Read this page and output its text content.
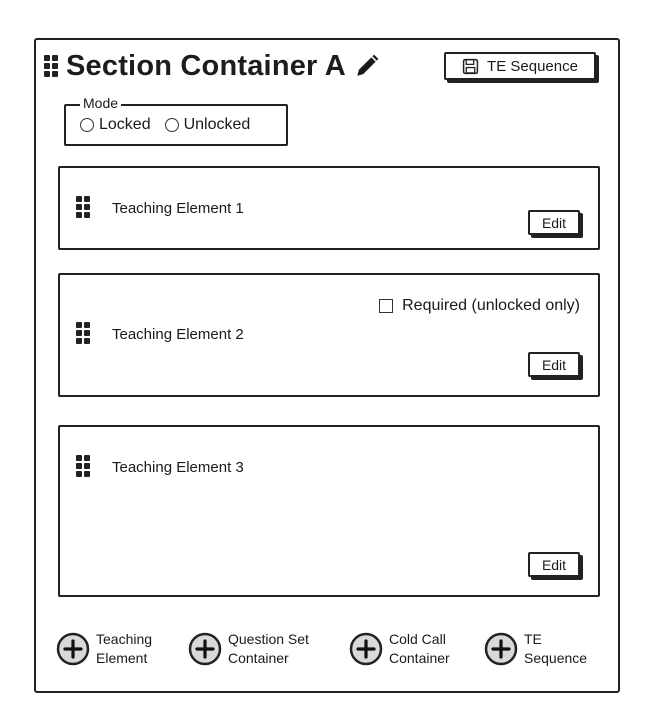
Section Container A	TE Sequence
Mode
Locked Unlocked
Teaching Element 1
Edit
Required (unlocked only)
Teaching Element 2
Edit
Teaching Element 3
Edit
Teaching
Element
Question Set
Container
Cold Call
Container
TE
Sequence
